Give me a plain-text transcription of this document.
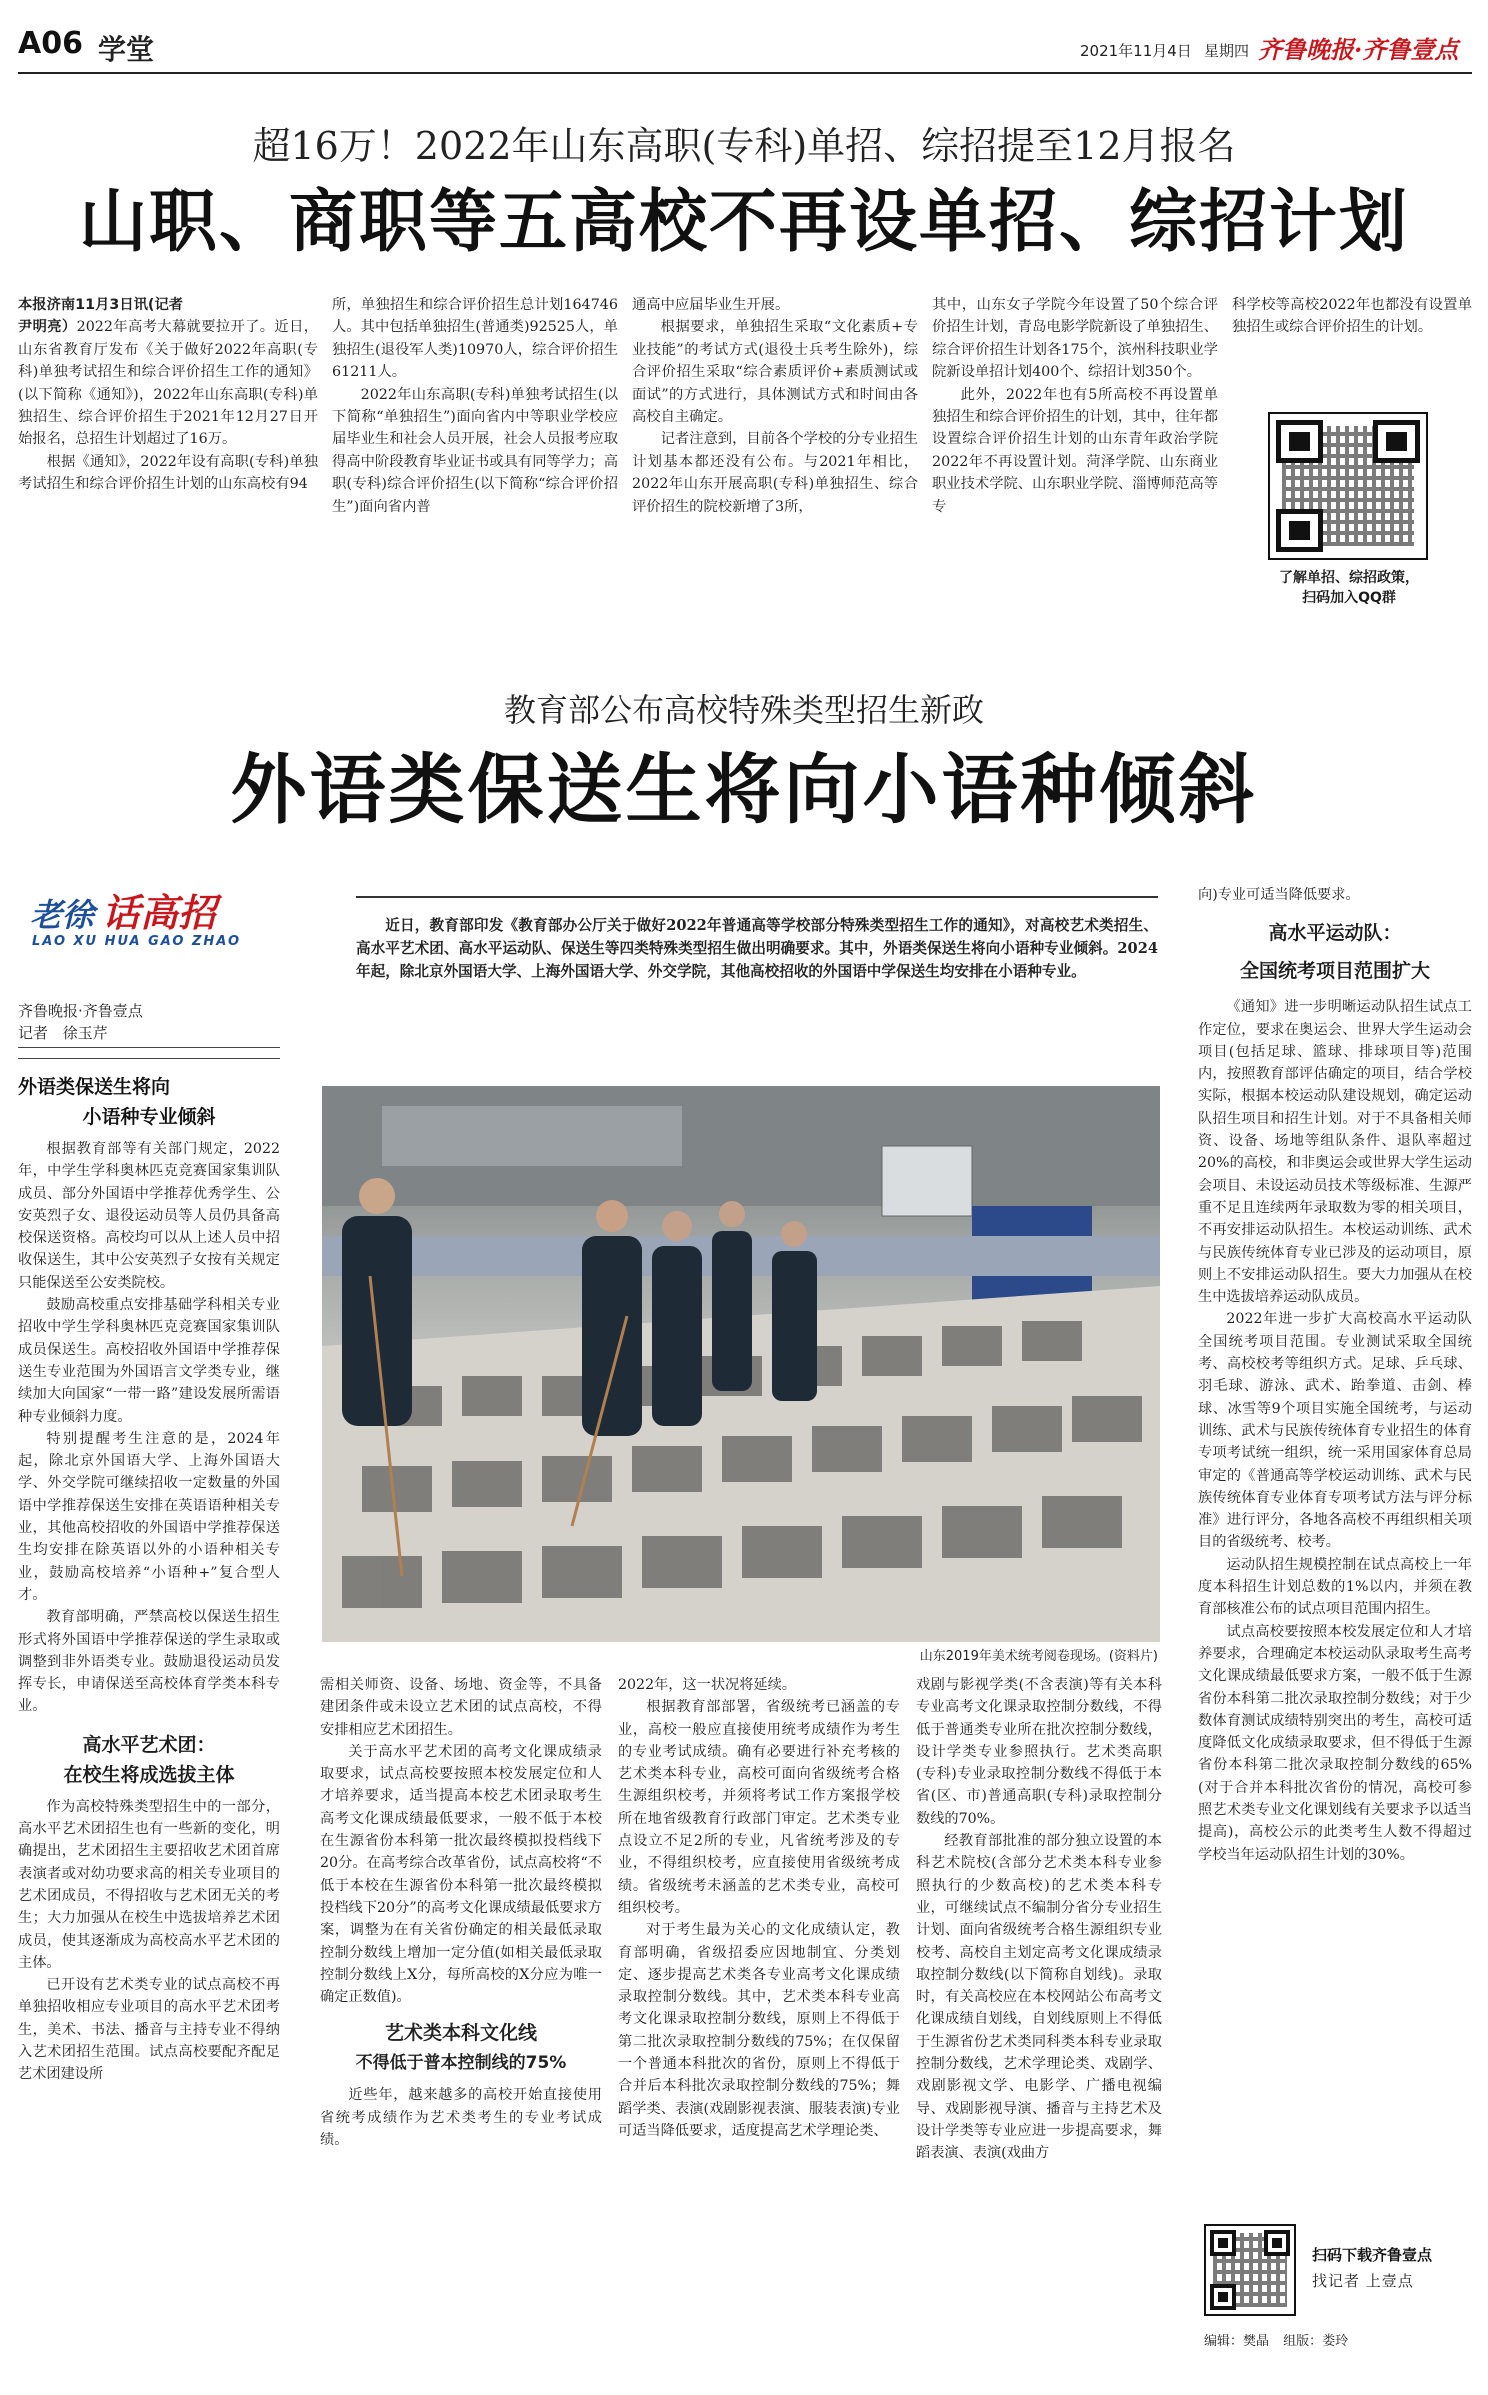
A06 学堂	2021年11月4日 星期四 齐鲁晚报·齐鲁壹点
超16万！2022年山东高职(专科)单招、综招提至12月报名
山职、商职等五高校不再设单招、综招计划
本报济南11月3日讯(记者
尹明亮）2022年高考大幕就要拉开了。近日，山东省教育厅发布《关于做好2022年高职(专科)单独考试招生和综合评价招生工作的通知》(以下简称《通知》)，2022年山东高职(专科)单独招生、综合评价招生于2021年12月27日开始报名，总招生计划超过了16万。

根据《通知》，2022年设有高职(专科)单独考试招生和综合评价招生计划的山东高校有94

所，单独招生和综合评价招生总计划164746人。其中包括单独招生(普通类)92525人，单独招生(退役军人类)10970人，综合评价招生61211人。

2022年山东高职(专科)单独考试招生(以下简称“单独招生”)面向省内中等职业学校应届毕业生和社会人员开展，社会人员报考应取得高中阶段教育毕业证书或具有同等学力；高职(专科)综合评价招生(以下简称“综合评价招生”)面向省内普

通高中应届毕业生开展。

根据要求，单独招生采取“文化素质+专业技能”的考试方式(退役士兵考生除外)，综合评价招生采取“综合素质评价+素质测试或面试”的方式进行，具体测试方式和时间由各高校自主确定。

记者注意到，目前各个学校的分专业招生计划基本都还没有公布。与2021年相比，2022年山东开展高职(专科)单独招生、综合评价招生的院校新增了3所，

其中，山东女子学院今年设置了50个综合评价招生计划，青岛电影学院新设了单独招生、综合评价招生计划各175个，滨州科技职业学院新设单招计划400个、综招计划350个。

此外，2022年也有5所高校不再设置单独招生和综合评价招生的计划，其中，往年都设置综合评价招生计划的山东青年政治学院2022年不再设置计划。菏泽学院、山东商业职业技术学院、山东职业学院、淄博师范高等专

科学校等高校2022年也都没有设置单独招生或综合评价招生的计划。
了解单招、综招政策，
扫码加入QQ群
教育部公布高校特殊类型招生新政
外语类保送生将向小语种倾斜
老徐 话高招
LAO XU HUA GAO ZHAO
齐鲁晚报·齐鲁壹点
记者 徐玉芹
近日，教育部印发《教育部办公厅关于做好2022年普通高等学校部分特殊类型招生工作的通知》，对高校艺术类招生、高水平艺术团、高水平运动队、保送生等四类特殊类型招生做出明确要求。其中，外语类保送生将向小语种专业倾斜。2024年起，除北京外国语大学、上海外国语大学、外交学院，其他高校招收的外国语中学保送生均安排在小语种专业。
山东2019年美术统考阅卷现场。(资料片)
外语类保送生将向
小语种专业倾斜

根据教育部等有关部门规定，2022年，中学生学科奥林匹克竞赛国家集训队成员、部分外国语中学推荐优秀学生、公安英烈子女、退役运动员等人员仍具备高校保送资格。高校均可以从上述人员中招收保送生，其中公安英烈子女按有关规定只能保送至公安类院校。

鼓励高校重点安排基础学科相关专业招收中学生学科奥林匹克竞赛国家集训队成员保送生。高校招收外国语中学推荐保送生专业范围为外国语言文学类专业，继续加大向国家“一带一路”建设发展所需语种专业倾斜力度。

特别提醒考生注意的是，2024年起，除北京外国语大学、上海外国语大学、外交学院可继续招收一定数量的外国语中学推荐保送生安排在英语语种相关专业，其他高校招收的外国语中学推荐保送生均安排在除英语以外的小语种相关专业，鼓励高校培养“小语种+”复合型人才。

教育部明确，严禁高校以保送生招生形式将外国语中学推荐保送的学生录取或调整到非外语类专业。鼓励退役运动员发挥专长，申请保送至高校体育学类本科专业。

高水平艺术团：
在校生将成选拔主体

作为高校特殊类型招生中的一部分，高水平艺术团招生也有一些新的变化，明确提出，艺术团招生主要招收艺术团首席表演者或对幼功要求高的相关专业项目的艺术团成员，不得招收与艺术团无关的考生；大力加强从在校生中选拔培养艺术团成员，使其逐渐成为高校高水平艺术团的主体。

已开设有艺术类专业的试点高校不再单独招收相应专业项目的高水平艺术团考生，美术、书法、播音与主持专业不得纳入艺术团招生范围。试点高校要配齐配足艺术团建设所

需相关师资、设备、场地、资金等，不具备建团条件或未设立艺术团的试点高校，不得安排相应艺术团招生。

关于高水平艺术团的高考文化课成绩录取要求，试点高校要按照本校发展定位和人才培养要求，适当提高本校艺术团录取考生高考文化课成绩最低要求，一般不低于本校在生源省份本科第一批次最终模拟投档线下20分。在高考综合改革省份，试点高校将“不低于本校在生源省份本科第一批次最终模拟投档线下20分”的高考文化课成绩最低要求方案，调整为在有关省份确定的相关最低录取控制分数线上增加一定分值(如相关最低录取控制分数线上X分，每所高校的X分应为唯一确定正数值)。

艺术类本科文化线
不得低于普本控制线的75%

近些年，越来越多的高校开始直接使用省统考成绩作为艺术类考生的专业考试成绩。

2022年，这一状况将延续。

根据教育部部署，省级统考已涵盖的专业，高校一般应直接使用统考成绩作为考生的专业考试成绩。确有必要进行补充考核的艺术类本科专业，高校可面向省级统考合格生源组织校考，并须将考试工作方案报学校所在地省级教育行政部门审定。艺术类专业点设立不足2所的专业，凡省统考涉及的专业，不得组织校考，应直接使用省级统考成绩。省级统考未涵盖的艺术类专业，高校可组织校考。

对于考生最为关心的文化成绩认定，教育部明确，省级招委应因地制宜、分类划定、逐步提高艺术类各专业高考文化课成绩录取控制分数线。其中，艺术类本科专业高考文化课录取控制分数线，原则上不得低于第二批次录取控制分数线的75%；在仅保留一个普通本科批次的省份，原则上不得低于合并后本科批次录取控制分数线的75%；舞蹈学类、表演(戏剧影视表演、服装表演)专业可适当降低要求，适度提高艺术学理论类、

戏剧与影视学类(不含表演)等有关本科专业高考文化课录取控制分数线，不得低于普通类专业所在批次控制分数线，设计学类专业参照执行。艺术类高职(专科)专业录取控制分数线不得低于本省(区、市)普通高职(专科)录取控制分数线的70%。

经教育部批准的部分独立设置的本科艺术院校(含部分艺术类本科专业参照执行的少数高校)的艺术类本科专业，可继续试点不编制分省分专业招生计划、面向省级统考合格生源组织专业校考、高校自主划定高考文化课成绩录取控制分数线(以下简称自划线)。录取时，有关高校应在本校网站公布高考文化课成绩自划线，自划线原则上不得低于生源省份艺术类同科类本科专业录取控制分数线，艺术学理论类、戏剧学、戏剧影视文学、电影学、广播电视编导、戏剧影视导演、播音与主持艺术及设计学类等专业应进一步提高要求，舞蹈表演、表演(戏曲方

向)专业可适当降低要求。
高水平运动队：
全国统考项目范围扩大

《通知》进一步明晰运动队招生试点工作定位，要求在奥运会、世界大学生运动会项目(包括足球、篮球、排球项目等)范围内，按照教育部评估确定的项目，结合学校实际，根据本校运动队建设规划，确定运动队招生项目和招生计划。对于不具备相关师资、设备、场地等组队条件、退队率超过20%的高校，和非奥运会或世界大学生运动会项目、未设运动员技术等级标准、生源严重不足且连续两年录取数为零的相关项目，不再安排运动队招生。本校运动训练、武术与民族传统体育专业已涉及的运动项目，原则上不安排运动队招生。要大力加强从在校生中选拔培养运动队成员。

2022年进一步扩大高校高水平运动队全国统考项目范围。专业测试采取全国统考、高校校考等组织方式。足球、乒乓球、羽毛球、游泳、武术、跆拳道、击剑、棒球、冰雪等9个项目实施全国统考，与运动训练、武术与民族传统体育专业招生的体育专项考试统一组织，统一采用国家体育总局审定的《普通高等学校运动训练、武术与民族传统体育专业体育专项考试方法与评分标准》进行评分，各地各高校不再组织相关项目的省级统考、校考。

运动队招生规模控制在试点高校上一年度本科招生计划总数的1%以内，并须在教育部核准公布的试点项目范围内招生。

试点高校要按照本校发展定位和人才培养要求，合理确定本校运动队录取考生高考文化课成绩最低要求方案，一般不低于生源省份本科第二批次录取控制分数线；对于少数体育测试成绩特别突出的考生，高校可适度降低文化成绩录取要求，但不得低于生源省份本科第二批次录取控制分数线的65%(对于合并本科批次省份的情况，高校可参照艺术类专业文化课划线有关要求予以适当提高)，高校公示的此类考生人数不得超过学校当年运动队招生计划的30%。

扫码下载齐鲁壹点
找记者 上壹点
编辑：樊晶 组版：娄玲
